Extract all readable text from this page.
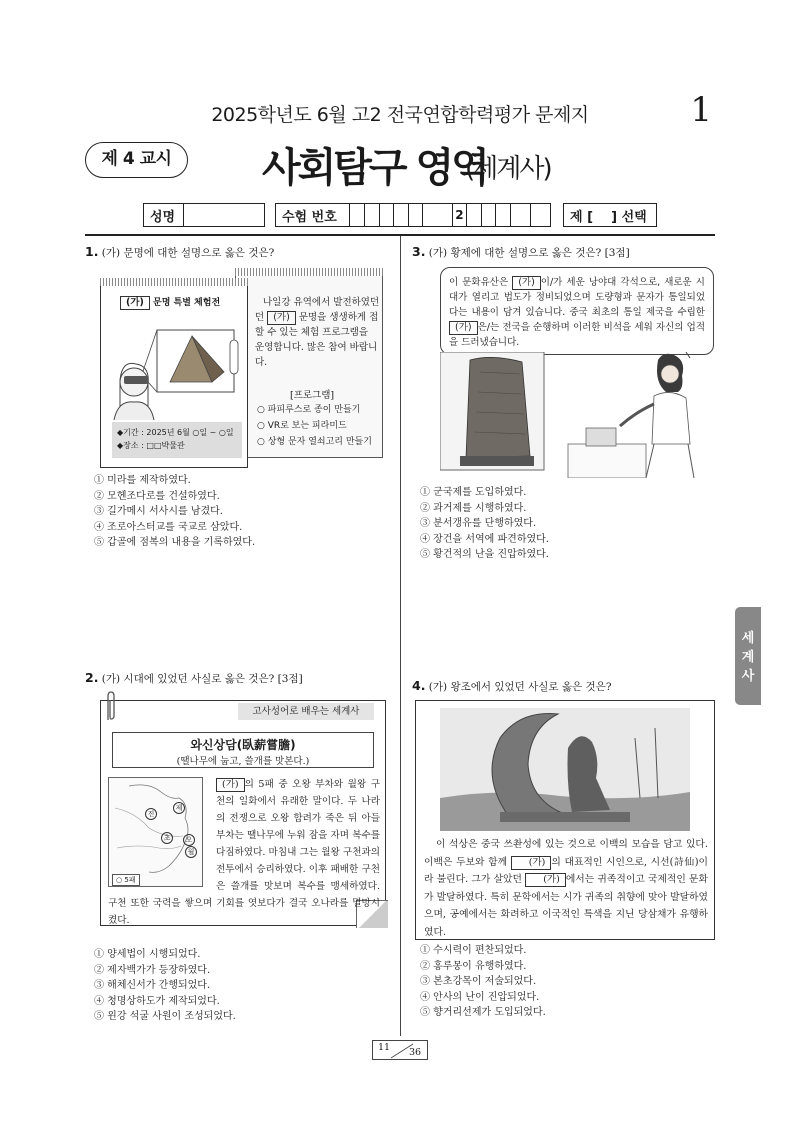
2025학년도 6월 고2 전국연합학력평가 문제지	1
제 4 교시	사회탐구 영역
(세계사)
성명	수험 번호	2	제 [    ] 선택
1. (가) 문명에 대한 설명으로 옳은 것은?
(가) 문명 특별 체험전
◆기간 : 2025년 6월 ○일 ~ ○일
◆장소 : □□박물관
나일강 유역에서 발전하였던
던 (가) 문명을 생생하게 접할 수 있는 체험 프로그램을 운영합니다. 많은 참여 바랍니다.
[프로그램]
○ 파피루스로 종이 만들기
○ VR로 보는 피라미드
○ 상형 문자 열쇠고리 만들기
① 미라를 제작하였다.
② 모헨조다로를 건설하였다.
③ 길가메시 서사시를 남겼다.
④ 조로아스터교를 국교로 삼았다.
⑤ 갑골에 점복의 내용을 기록하였다.
2. (가) 시대에 있었던 사실로 옳은 것은? [3점]
고사성어로 배우는 세계사
와신상담(臥薪嘗膽)
(땔나무에 눕고, 쓸개를 맛본다.)
진
제
초	오
월
○ 5패
(가) 의 5패 중 오왕 부차와 월왕 구천의 일화에서 유래한 말이다. 두 나라의 전쟁으로 오왕 합려가 죽은 뒤 아들 부차는 땔나무에 누워 잠을 자며 복수를 다짐하였다. 마침내 그는 월왕 구천과의 전투에서 승리하였다. 이후 패배한 구천은 쓸개를 맛보며 복수를 맹세하였다. 구천 또한 국력을 쌓으며 기회를 엿보다가 결국 오나라를 멸망시켰다.
① 양세법이 시행되었다.
② 제자백가가 등장하였다.
③ 해체신서가 간행되었다.
④ 청명상하도가 제작되었다.
⑤ 윈강 석굴 사원이 조성되었다.
3. (가) 황제에 대한 설명으로 옳은 것은? [3점]
이 문화유산은 (가) 이/가 세운 낭야대 각석으로, 새로운 시대가 열리고 법도가 정비되었으며 도량형과 문자가 통일되었다는 내용이 담겨 있습니다. 중국 최초의 통일 제국을 수립한 (가) 은/는 전국을 순행하며 이러한 비석을 세워 자신의 업적을 드러냈습니다.
① 군국제를 도입하였다.
② 과거제를 시행하였다.
③ 분서갱유를 단행하였다.
④ 장건을 서역에 파견하였다.
⑤ 황건적의 난을 진압하였다.
4. (가) 왕조에서 있었던 사실로 옳은 것은?
이 석상은 중국 쓰촨성에 있는 것으로 이백의 모습을 담고 있다. 이백은 두보와 함께 (가) 의 대표적인 시인으로, 시선(詩仙)이라 불린다. 그가 살았던 (가) 에서는 귀족적이고 국제적인 문화가 발달하였다. 특히 문학에서는 시가 귀족의 취향에 맞아 발달하였으며, 공예에서는 화려하고 이국적인 특색을 지닌 당삼채가 유행하였다.
① 수시력이 편찬되었다.
② 홍루몽이 유행하였다.
③ 본초강목이 저술되었다.
④ 안사의 난이 진압되었다.
⑤ 향거리선제가 도입되었다.
세
계
사
11 36
